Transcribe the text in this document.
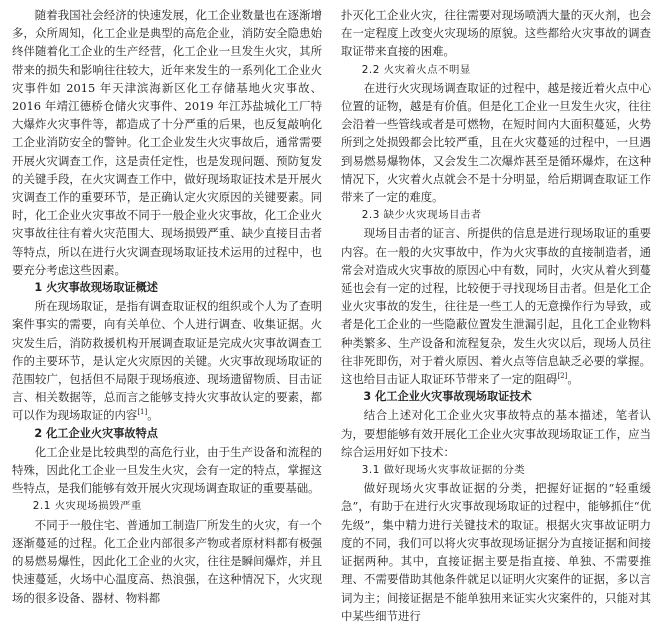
随着我国社会经济的快速发展，化工企业数量也在逐渐增多，众所周知，化工企业是典型的高危企业，消防安全隐患始终伴随着化工企业的生产经营，化工企业一旦发生火灾，其所带来的损失和影响往往较大，近年来发生的一系列化工企业火灾事件如 2015 年天津滨海新区化工存储基地火灾事故、2016 年靖江德桥仓储火灾事件、2019 年江苏盐城化工厂特大爆炸火灾事件等，都造成了十分严重的后果，也反复敲响化工企业消防安全的警钟。化工企业发生火灾事故后，通常需要开展火灾调查工作，这是责任定性，也是发现问题、预防复发的关键手段，在火灾调查工作中，做好现场取证技术是开展火灾调查工作的重要环节，是正确认定火灾原因的关键要素。同时，化工企业火灾事故不同于一般企业火灾事故，化工企业火灾事故往往有着火灾范围大、现场损毁严重、缺少直接目击者等特点，所以在进行火灾调查现场取证技术运用的过程中，也要充分考虑这些因素。

1 火灾事故现场取证概述

所在现场取证，是指有调查取证权的组织或个人为了查明案件事实的需要，向有关单位、个人进行调查、收集证据。火灾发生后，消防救援机构开展调查取证是完成火灾事故调查工作的主要环节，是认定火灾原因的关键。火灾事故现场取证的范围较广，包括但不局限于现场痕迹、现场遗留物质、目击证言、相关数据等，总而言之能够支持火灾事故认定的要素，都可以作为现场取证的内容[1]。

2 化工企业火灾事故特点

化工企业是比较典型的高危行业，由于生产设备和流程的特殊，因此化工企业一旦发生火灾，会有一定的特点，掌握这些特点，是我们能够有效开展火灾现场调查取证的重要基础。

2.1 火灾现场损毁严重

不同于一般住宅、普通加工制造厂所发生的火灾，有一个逐渐蔓延的过程。化工企业内部很多产物或者原材料都有极强的易燃易爆性，因此化工企业的火灾，往往是瞬间爆炸，并且快速蔓延，火场中心温度高、热浪强，在这种情况下，火灾现场的很多设备、器材、物料都

扑灭化工企业火灾，往往需要对现场喷洒大量的灭火剂，也会在一定程度上改变火灾现场的原貌。这些都给火灾事故的调查取证带来直接的困难。

2.2 火灾着火点不明显

在进行火灾现场调查取证的过程中，越是接近着火点中心位置的证物，越是有价值。但是化工企业一旦发生火灾，往往会沿着一些管线或者是可燃物，在短时间内大面积蔓延，火势所到之处损毁都会比较严重，且在火灾蔓延的过程中，一旦遇到易燃易爆物体，又会发生二次爆炸甚至是循环爆炸，在这种情况下，火灾着火点就会不是十分明显，给后期调查取证工作带来了一定的难度。

2.3 缺少火灾现场目击者

现场目击者的证言、所提供的信息是进行现场取证的重要内容。在一般的火灾事故中，作为火灾事故的直接制造者，通常会对造成火灾事故的原因心中有数，同时，火灾从着火到蔓延也会有一定的过程，比较便于寻找现场目击者。但是化工企业火灾事故的发生，往往是一些工人的无意操作行为导致，或者是化工企业的一些隐蔽位置发生泄漏引起，且化工企业物料种类繁多、生产设备和流程复杂，发生火灾以后，现场人员往往非死即伤，对于着火原因、着火点等信息缺乏必要的掌握。这也给目击证人取证环节带来了一定的阻碍[2]。

3 化工企业火灾事故现场取证技术

结合上述对化工企业火灾事故特点的基本描述，笔者认为，要想能够有效开展化工企业火灾事故现场取证工作，应当综合运用好如下技术：

3.1 做好现场火灾事故证据的分类

做好现场火灾事故证据的分类，把握好证据的“轻重缓急”，有助于在进行火灾事故现场取证的过程中，能够抓住“优先级”，集中精力进行关键技术的取证。根据火灾事故证明力度的不同，我们可以将火灾事故现场证据分为直接证据和间接证据两种。其中，直接证据主要是指直接、单独、不需要推理、不需要借助其他条件就足以证明火灾案件的证据，多以言词为主；间接证据是不能单独用来证实火灾案件的，只能对其中某些细节进行
